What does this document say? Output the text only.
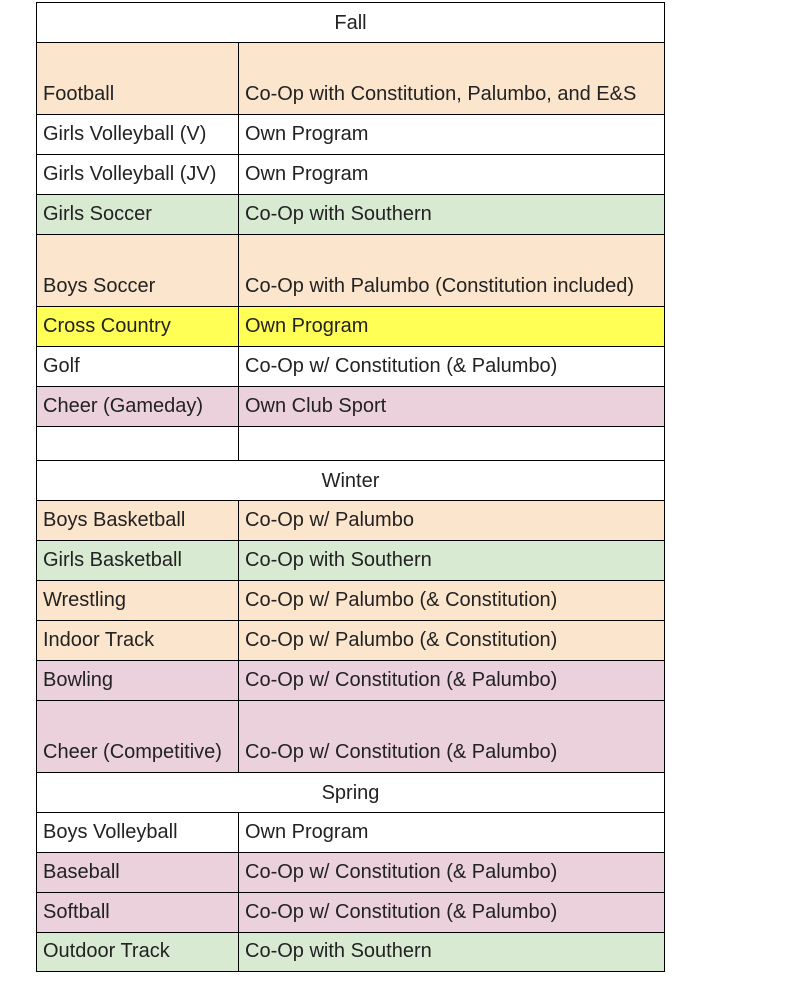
Fall	
Football	Co-Op with Constitution, Palumbo, and E&S
Girls Volleyball (V)	Own Program
Girls Volleyball (JV)	Own Program
Girls Soccer	Co-Op with Southern
Boys Soccer	Co-Op with Palumbo (Constitution included)
Cross Country	Own Program
Golf	Co-Op w/ Constitution (& Palumbo)
Cheer (Gameday)	Own Club Sport

Winter	
Boys Basketball	Co-Op w/ Palumbo
Girls Basketball	Co-Op with Southern
Wrestling	Co-Op w/ Palumbo (& Constitution)
Indoor Track	Co-Op w/ Palumbo (& Constitution)
Bowling	Co-Op w/ Constitution (& Palumbo)
Cheer (Competitive)	Co-Op w/ Constitution (& Palumbo)
Spring	
Boys Volleyball	Own Program
Baseball	Co-Op w/ Constitution (& Palumbo)
Softball	Co-Op w/ Constitution (& Palumbo)
Outdoor Track	Co-Op with Southern
